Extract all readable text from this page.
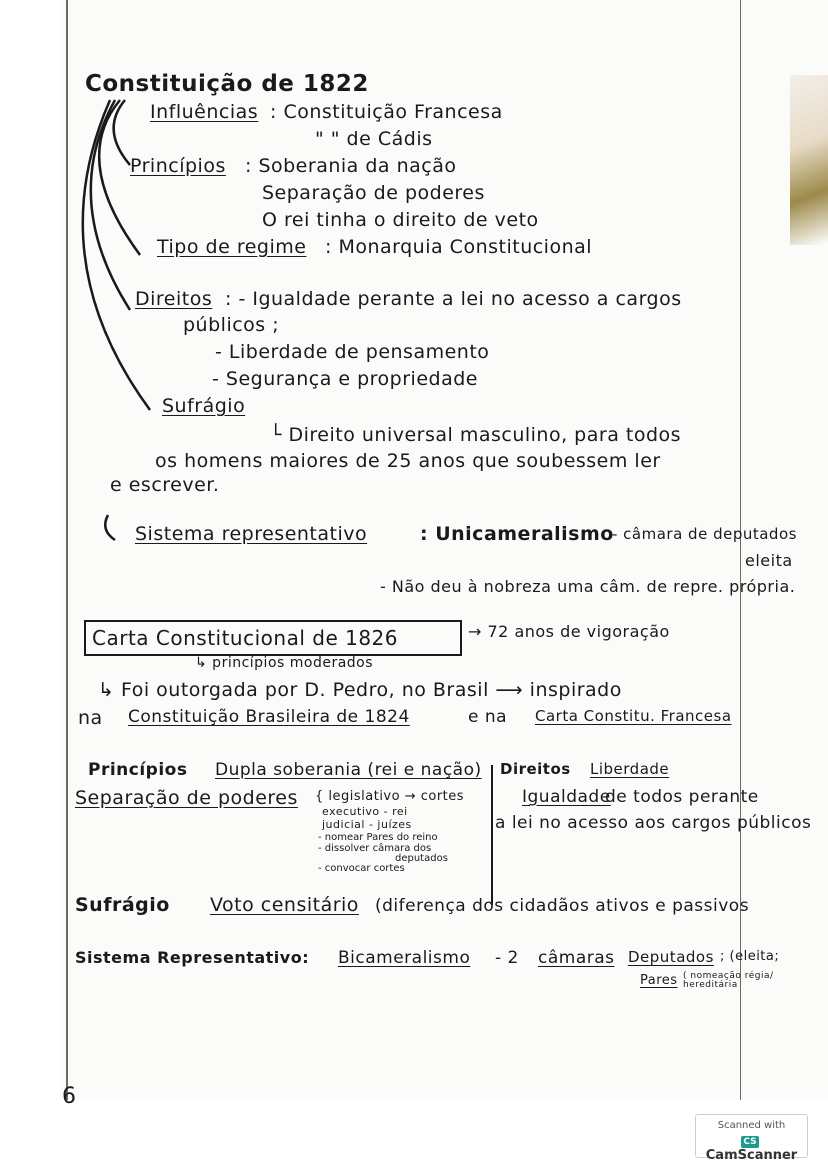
Constituição de 1822
Influências : Constituição Francesa
" " de Cádis
Princípios : Soberania da nação
Separação de poderes
O rei tinha o direito de veto
Tipo de regime : Monarquia Constitucional
Direitos : - Igualdade perante a lei no acesso a cargos
públicos ;
- Liberdade de pensamento
- Segurança e propriedade
Sufrágio
└ Direito universal masculino, para todos
os homens maiores de 25 anos que soubessem ler
e escrever.
Sistema representativo	: Unicameralismo
- câmara de deputados
eleita
- Não deu à nobreza uma câm. de repre. própria.
Carta Constitucional de 1826	→ 72 anos de vigoração
↳ princípios moderados
↳ Foi outorgada por D. Pedro, no Brasil ⟶ inspirado
na Constituição Brasileira de 1824	e na Carta Constitu. Francesa
Princípios Dupla soberania (rei e nação)
Separação de poderes { legislativo → cortes
executivo - rei
judicial - juízes
- nomear Pares do reino
- dissolver câmara dos
deputados
- convocar cortes
Direitos Liberdade
Igualdade
de todos perante
a lei no acesso aos cargos públicos
Sufrágio Voto censitário (diferença dos cidadãos ativos e passivos
Sistema Representativo: Bicameralismo - 2 câmaras Deputados ; (eleita;
Pares ( nomeação régia/ hereditária
6
Scanned with
CSCamScanner
